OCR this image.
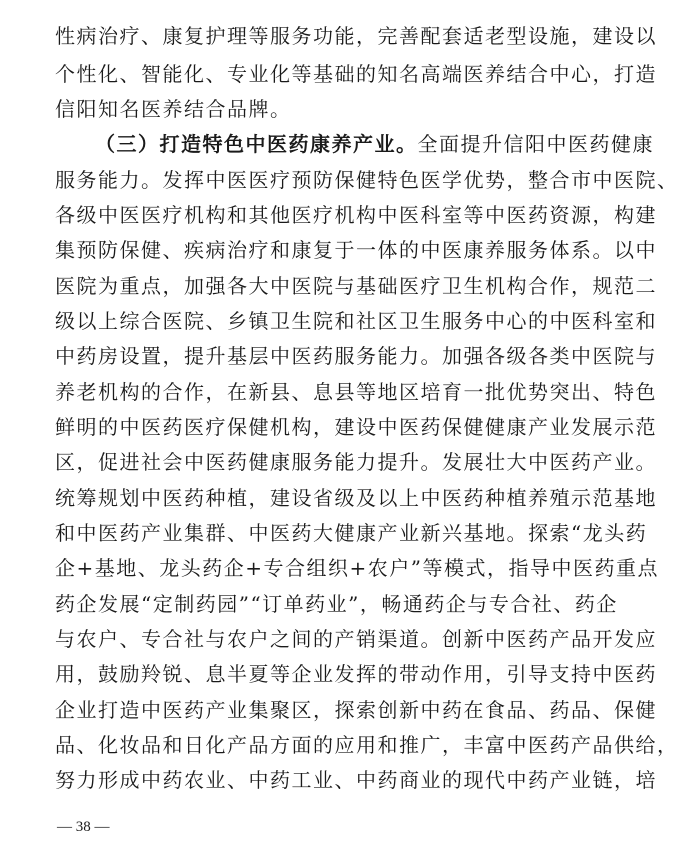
性病治疗、康复护理等服务功能，完善配套适老型设施，建设以
个性化、智能化、专业化等基础的知名高端医养结合中心，打造
信阳知名医养结合品牌。
（三）打造特色中医药康养产业。全面提升信阳中医药健康
服务能力。发挥中医医疗预防保健特色医学优势，整合市中医院、
各级中医医疗机构和其他医疗机构中医科室等中医药资源，构建
集预防保健、疾病治疗和康复于一体的中医康养服务体系。以中
医院为重点，加强各大中医院与基础医疗卫生机构合作，规范二
级以上综合医院、乡镇卫生院和社区卫生服务中心的中医科室和
中药房设置，提升基层中医药服务能力。加强各级各类中医院与
养老机构的合作，在新县、息县等地区培育一批优势突出、特色
鲜明的中医药医疗保健机构，建设中医药保健健康产业发展示范
区，促进社会中医药健康服务能力提升。发展壮大中医药产业。
统筹规划中医药种植，建设省级及以上中医药种植养殖示范基地
和中医药产业集群、中医药大健康产业新兴基地。探索“龙头药
企+基地、龙头药企+专合组织+农户”等模式，指导中医药重点
药企发展“定制药园”“订单药业”，畅通药企与专合社、药企
与农户、专合社与农户之间的产销渠道。创新中医药产品开发应
用，鼓励羚锐、息半夏等企业发挥的带动作用，引导支持中医药
企业打造中医药产业集聚区，探索创新中药在食品、药品、保健
品、化妆品和日化产品方面的应用和推广，丰富中医药产品供给，
努力形成中药农业、中药工业、中药商业的现代中药产业链，培
— 38 —
